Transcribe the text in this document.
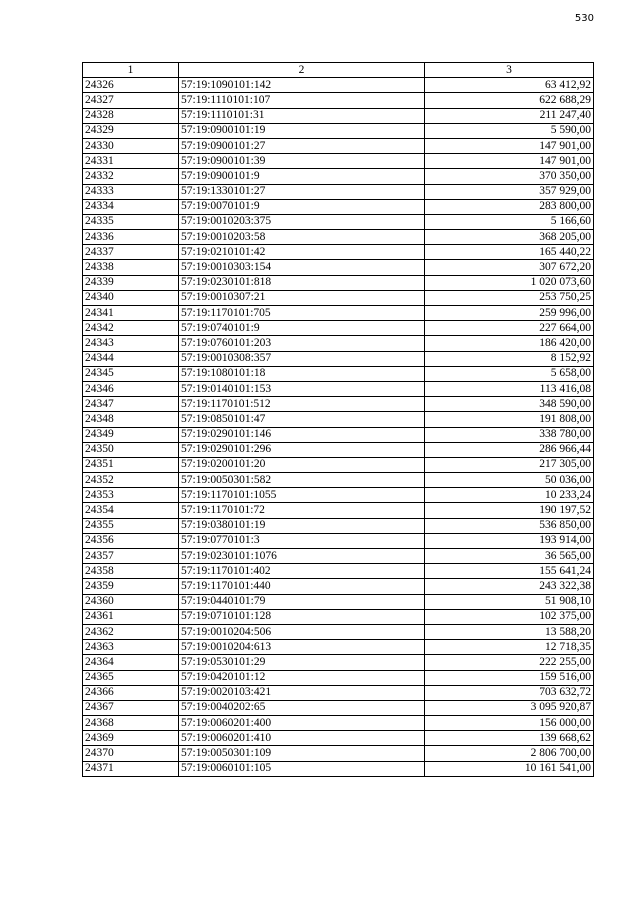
530
1	2	3
24326	57:19:1090101:142	63 412,92
24327	57:19:1110101:107	622 688,29
24328	57:19:1110101:31	211 247,40
24329	57:19:0900101:19	5 590,00
24330	57:19:0900101:27	147 901,00
24331	57:19:0900101:39	147 901,00
24332	57:19:0900101:9	370 350,00
24333	57:19:1330101:27	357 929,00
24334	57:19:0070101:9	283 800,00
24335	57:19:0010203:375	5 166,60
24336	57:19:0010203:58	368 205,00
24337	57:19:0210101:42	165 440,22
24338	57:19:0010303:154	307 672,20
24339	57:19:0230101:818	1 020 073,60
24340	57:19:0010307:21	253 750,25
24341	57:19:1170101:705	259 996,00
24342	57:19:0740101:9	227 664,00
24343	57:19:0760101:203	186 420,00
24344	57:19:0010308:357	8 152,92
24345	57:19:1080101:18	5 658,00
24346	57:19:0140101:153	113 416,08
24347	57:19:1170101:512	348 590,00
24348	57:19:0850101:47	191 808,00
24349	57:19:0290101:146	338 780,00
24350	57:19:0290101:296	286 966,44
24351	57:19:0200101:20	217 305,00
24352	57:19:0050301:582	50 036,00
24353	57:19:1170101:1055	10 233,24
24354	57:19:1170101:72	190 197,52
24355	57:19:0380101:19	536 850,00
24356	57:19:0770101:3	193 914,00
24357	57:19:0230101:1076	36 565,00
24358	57:19:1170101:402	155 641,24
24359	57:19:1170101:440	243 322,38
24360	57:19:0440101:79	51 908,10
24361	57:19:0710101:128	102 375,00
24362	57:19:0010204:506	13 588,20
24363	57:19:0010204:613	12 718,35
24364	57:19:0530101:29	222 255,00
24365	57:19:0420101:12	159 516,00
24366	57:19:0020103:421	703 632,72
24367	57:19:0040202:65	3 095 920,87
24368	57:19:0060201:400	156 000,00
24369	57:19:0060201:410	139 668,62
24370	57:19:0050301:109	2 806 700,00
24371	57:19:0060101:105	10 161 541,00
